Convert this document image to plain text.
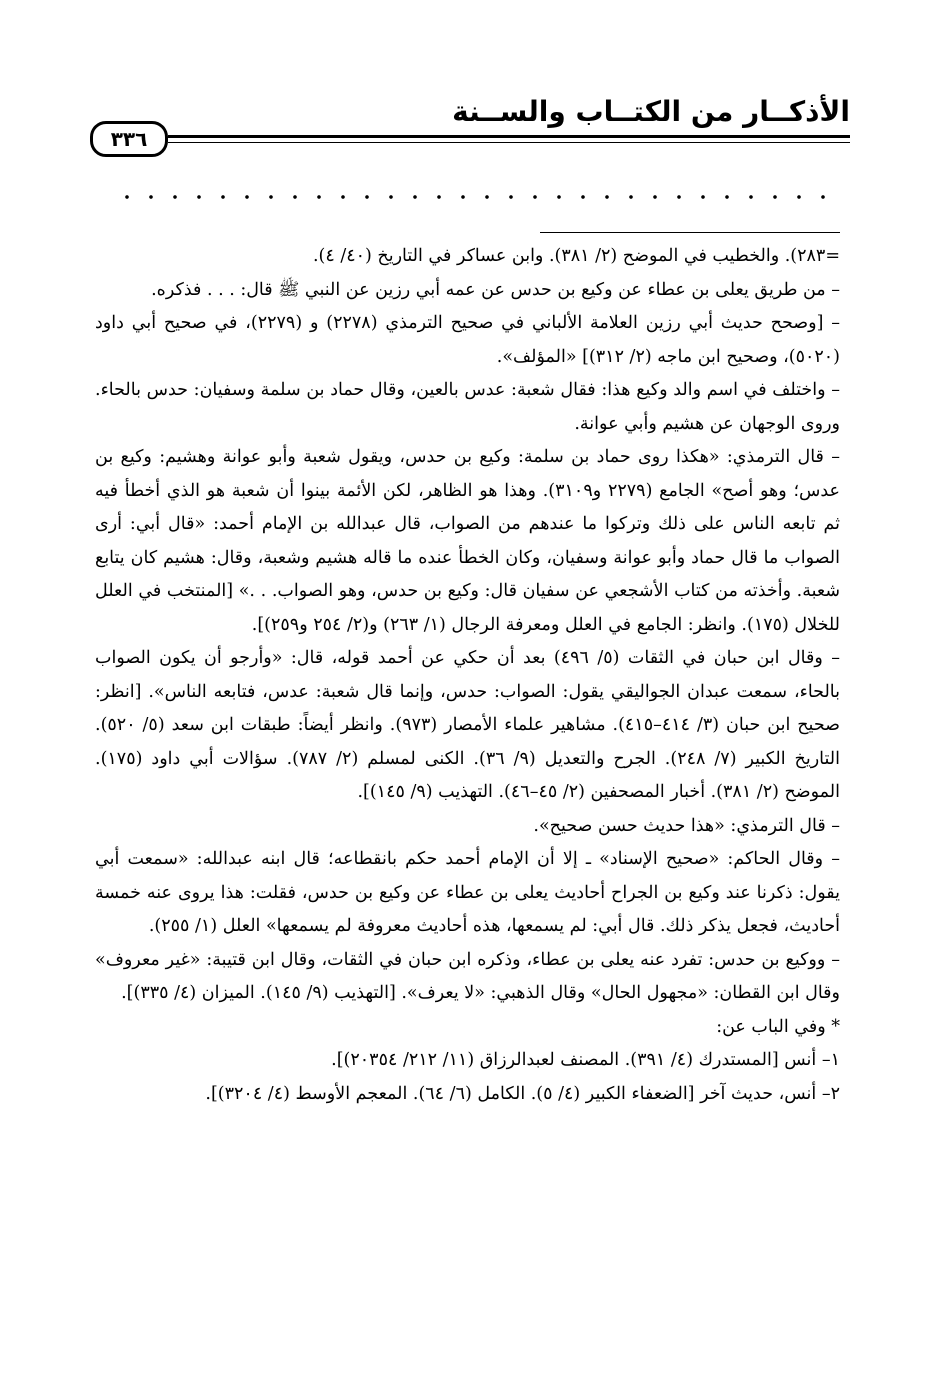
الأذكــار من الكتــاب والســنة
٣٣٦

=٢٨٣). والخطيب في الموضح (٢/ ٣٨١). وابن عساكر في التاريخ (٤٠/ ٤).

– من طريق يعلى بن عطاء عن وكيع بن حدس عن عمه أبي رزين عن النبي ﷺ قال: . . . فذكره.

– [وصحح حديث أبي رزين العلامة الألباني في صحيح الترمذي (٢٢٧٨) و (٢٢٧٩)، في صحيح أبي داود (٥٠٢٠)، وصحيح ابن ماجه (٢/ ٣١٢)] «المؤلف».

– واختلف في اسم والد وكيع هذا: فقال شعبة: عدس بالعين، وقال حماد بن سلمة وسفيان: حدس بالحاء. وروى الوجهان عن هشيم وأبي عوانة.

– قال الترمذي: «هكذا روى حماد بن سلمة: وكيع بن حدس، ويقول شعبة وأبو عوانة وهشيم: وكيع بن عدس؛ وهو أصح» الجامع (٢٢٧٩ و٣١٠٩). وهذا هو الظاهر، لكن الأئمة بينوا أن شعبة هو الذي أخطأ فيه ثم تابعه الناس على ذلك وتركوا ما عندهم من الصواب، قال عبدالله بن الإمام أحمد: «قال أبي: أرى الصواب ما قال حماد وأبو عوانة وسفيان، وكان الخطأ عنده ما قاله هشيم وشعبة، وقال: هشيم كان يتابع شعبة. وأخذته من كتاب الأشجعي عن سفيان قال: وكيع بن حدس، وهو الصواب. . .» [المنتخب في العلل للخلال (١٧٥). وانظر: الجامع في العلل ومعرفة الرجال (١/ ٢٦٣) و(٢/ ٢٥٤ و٢٥٩)].

– وقال ابن حبان في الثقات (٥/ ٤٩٦) بعد أن حكي عن أحمد قوله، قال: «وأرجو أن يكون الصواب بالحاء، سمعت عبدان الجواليقي يقول: الصواب: حدس، وإنما قال شعبة: عدس، فتابعه الناس». [انظر: صحيح ابن حبان (٣/ ٤١٤–٤١٥). مشاهير علماء الأمصار (٩٧٣). وانظر أيضاً: طبقات ابن سعد (٥/ ٥٢٠). التاريخ الكبير (٧/ ٢٤٨). الجرح والتعديل (٩/ ٣٦). الكنى لمسلم (٢/ ٧٨٧). سؤالات أبي داود (١٧٥). الموضح (٢/ ٣٨١). أخبار المصحفين (٢/ ٤٥–٤٦). التهذيب (٩/ ١٤٥)].

– قال الترمذي: «هذا حديث حسن صحيح».

– وقال الحاكم: «صحيح الإسناد» ـ إلا أن الإمام أحمد حكم بانقطاعه؛ قال ابنه عبدالله: «سمعت أبي يقول: ذكرنا عند وكيع بن الجراح أحاديث يعلى بن عطاء عن وكيع بن حدس، فقلت: هذا يروى عنه خمسة أحاديث، فجعل يذكر ذلك. قال أبي: لم يسمعها، هذه أحاديث معروفة لم يسمعها» العلل (١/ ٢٥٥).

– ووكيع بن حدس: تفرد عنه يعلى بن عطاء، وذكره ابن حبان في الثقات، وقال ابن قتيبة: «غير معروف» وقال ابن القطان: «مجهول الحال» وقال الذهبي: «لا يعرف». [التهذيب (٩/ ١٤٥). الميزان (٤/ ٣٣٥)].

* وفي الباب عن:

١– أنس [المستدرك (٤/ ٣٩١). المصنف لعبدالرزاق (١١/ ٢١٢/ ٢٠٣٥٤)].

٢– أنس، حديث آخر [الضعفاء الكبير (٤/ ٥). الكامل (٦/ ٦٤). المعجم الأوسط (٤/ ٣٢٠٤)].
